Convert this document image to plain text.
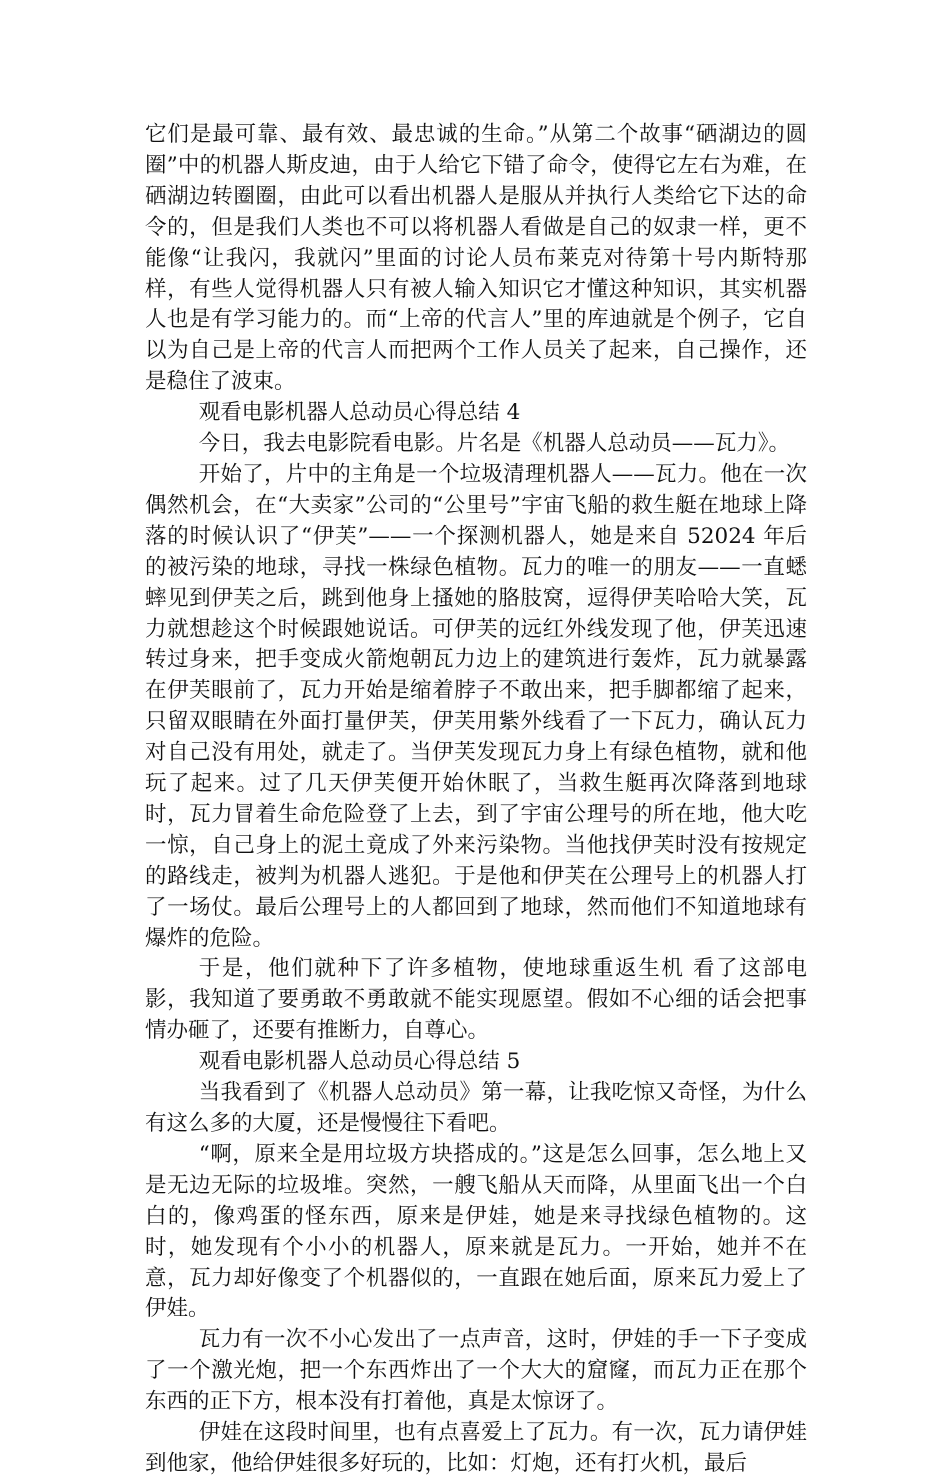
它们是最可靠、最有效、最忠诚的生命。”从第二个故事“硒湖边的圆圈”中的机器人斯皮迪，由于人给它下错了命令，使得它左右为难，在硒湖边转圈圈，由此可以看出机器人是服从并执行人类给它下达的命令的，但是我们人类也不可以将机器人看做是自己的奴隶一样，更不能像“让我闪，我就闪”里面的讨论人员布莱克对待第十号内斯特那样，有些人觉得机器人只有被人输入知识它才懂这种知识，其实机器人也是有学习能力的。而“上帝的代言人”里的库迪就是个例子，它自以为自己是上帝的代言人而把两个工作人员关了起来，自己操作，还是稳住了波束。

观看电影机器人总动员心得总结 4

今日，我去电影院看电影。片名是《机器人总动员——瓦力》。

开始了，片中的主角是一个垃圾清理机器人——瓦力。他在一次偶然机会，在“大卖家”公司的“公里号”宇宙飞船的救生艇在地球上降落的时候认识了“伊芙”——一个探测机器人，她是来自 52024 年后的被污染的地球，寻找一株绿色植物。瓦力的唯一的朋友——一直蟋蟀见到伊芙之后，跳到他身上搔她的胳肢窝，逗得伊芙哈哈大笑，瓦力就想趁这个时候跟她说话。可伊芙的远红外线发现了他，伊芙迅速转过身来，把手变成火箭炮朝瓦力边上的建筑进行轰炸，瓦力就暴露在伊芙眼前了，瓦力开始是缩着脖子不敢出来，把手脚都缩了起来，只留双眼睛在外面打量伊芙，伊芙用紫外线看了一下瓦力，确认瓦力对自己没有用处，就走了。当伊芙发现瓦力身上有绿色植物，就和他玩了起来。过了几天伊芙便开始休眠了，当救生艇再次降落到地球时，瓦力冒着生命危险登了上去，到了宇宙公理号的所在地，他大吃一惊，自己身上的泥土竟成了外来污染物。当他找伊芙时没有按规定的路线走，被判为机器人逃犯。于是他和伊芙在公理号上的机器人打了一场仗。最后公理号上的人都回到了地球，然而他们不知道地球有爆炸的危险。

于是，他们就种下了许多植物，使地球重返生机 看了这部电影，我知道了要勇敢不勇敢就不能实现愿望。假如不心细的话会把事情办砸了，还要有推断力，自尊心。

观看电影机器人总动员心得总结 5

当我看到了《机器人总动员》第一幕，让我吃惊又奇怪，为什么有这么多的大厦，还是慢慢往下看吧。

“啊，原来全是用垃圾方块搭成的。”这是怎么回事，怎么地上又是无边无际的垃圾堆。突然，一艘飞船从天而降，从里面飞出一个白白的，像鸡蛋的怪东西，原来是伊娃，她是来寻找绿色植物的。这时，她发现有个小小的机器人，原来就是瓦力。一开始，她并不在意，瓦力却好像变了个机器似的，一直跟在她后面，原来瓦力爱上了伊娃。

瓦力有一次不小心发出了一点声音，这时，伊娃的手一下子变成了一个激光炮，把一个东西炸出了一个大大的窟窿，而瓦力正在那个东西的正下方，根本没有打着他，真是太惊讶了。

伊娃在这段时间里，也有点喜爱上了瓦力。有一次，瓦力请伊娃到他家，他给伊娃很多好玩的，比如：灯炮，还有打火机，最后
